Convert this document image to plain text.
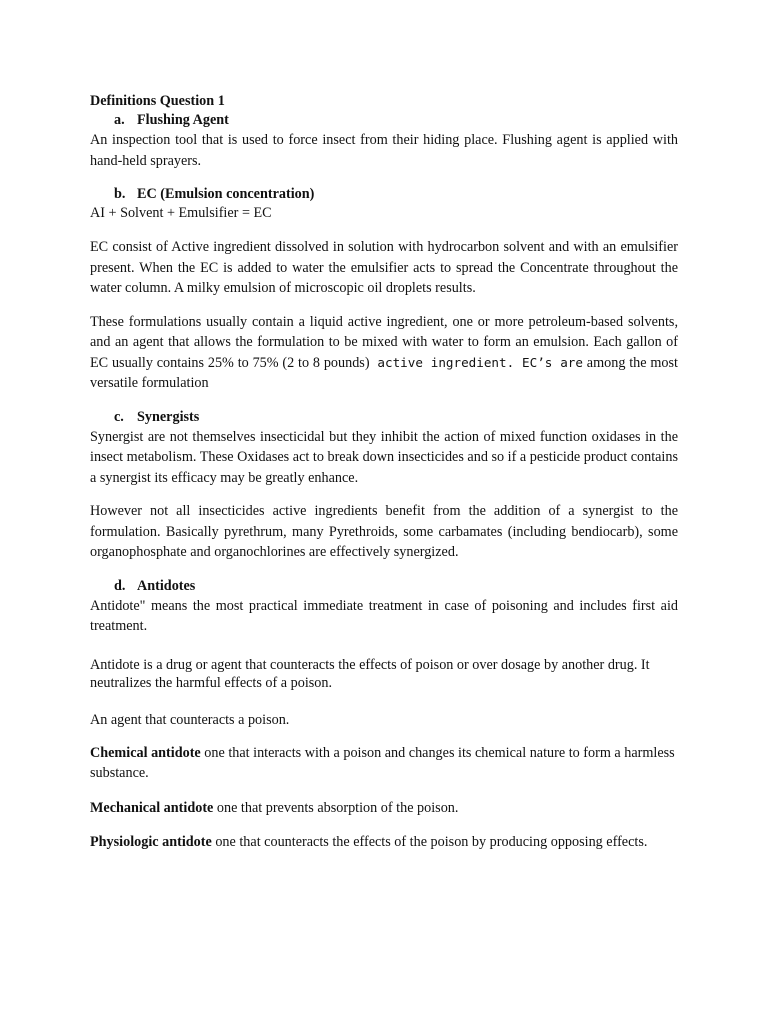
Definitions Question 1
a. Flushing Agent

An inspection tool that is used to force insect from their hiding place. Flushing agent is applied with hand-held sprayers.

b. EC (Emulsion concentration)

AI + Solvent + Emulsifier = EC

EC consist of Active ingredient dissolved in solution with hydrocarbon solvent and with an emulsifier present. When the EC is added to water the emulsifier acts to spread the Concentrate throughout the water column. A milky emulsion of microscopic oil droplets results.

These formulations usually contain a liquid active ingredient, one or more petroleum-based solvents, and an agent that allows the formulation to be mixed with water to form an emulsion. Each gallon of EC usually contains 25% to 75% (2 to 8 pounds) active ingredient. EC’s are among the most versatile formulation

c. Synergists

Synergist are not themselves insecticidal but they inhibit the action of mixed function oxidases in the insect metabolism. These Oxidases act to break down insecticides and so if a pesticide product contains a synergist its efficacy may be greatly enhance.

However not all insecticides active ingredients benefit from the addition of a synergist to the formulation. Basically pyrethrum, many Pyrethroids, some carbamates (including bendiocarb), some organophosphate and organochlorines are effectively synergized.

d. Antidotes

Antidote" means the most practical immediate treatment in case of poisoning and includes first aid treatment.

Antidote is a drug or agent that counteracts the effects of poison or over dosage by another drug. It neutralizes the harmful effects of a poison.

An agent that counteracts a poison.

Chemical antidote one that interacts with a poison and changes its chemical nature to form a harmless substance.

Mechanical antidote one that prevents absorption of the poison.

Physiologic antidote one that counteracts the effects of the poison by producing opposing effects.
